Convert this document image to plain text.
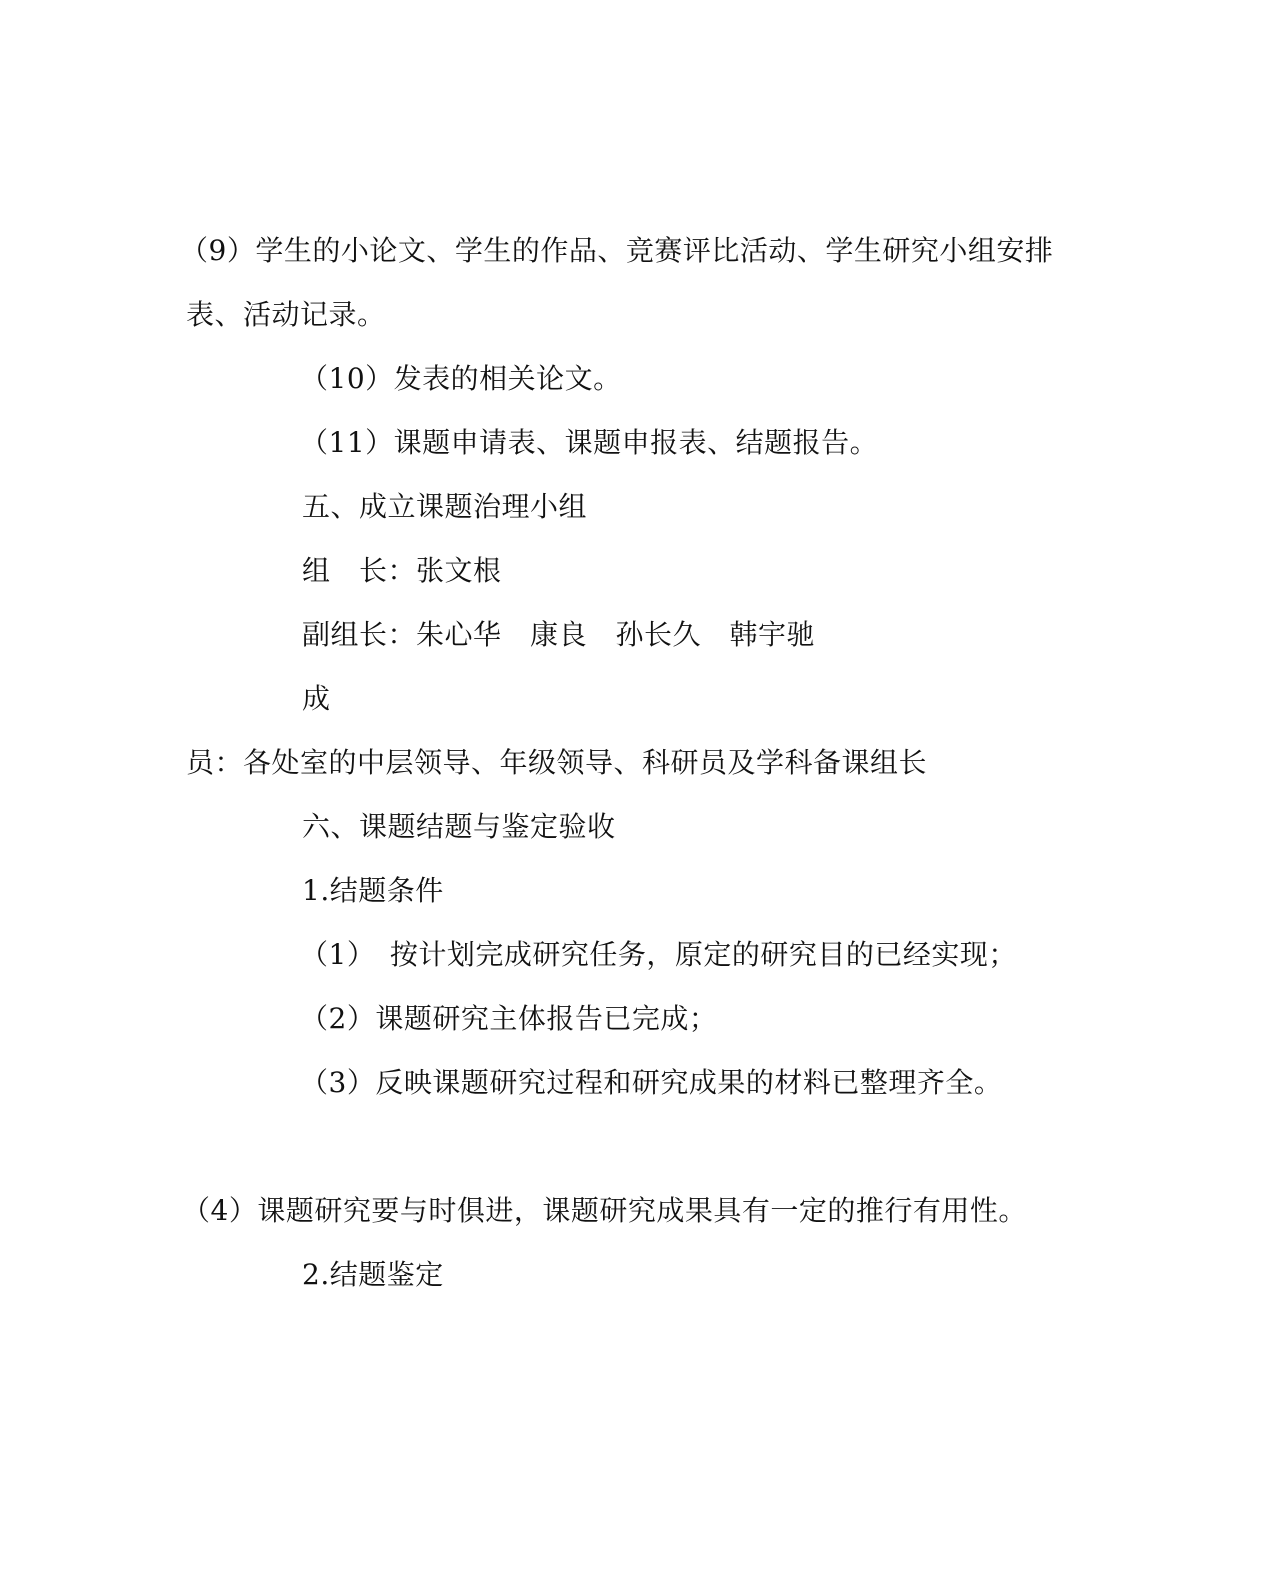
（9）学生的小论文、学生的作品、竞赛评比活动、学生研究小组安排
表、活动记录。
（10）发表的相关论文。
（11）课题申请表、课题申报表、结题报告。
五、成立课题治理小组
组　长：张文根
副组长：朱心华　康良　孙长久　韩宇驰
成
员：各处室的中层领导、年级领导、科研员及学科备课组长
六、课题结题与鉴定验收
1.结题条件
（1）　按计划完成研究任务，原定的研究目的已经实现；
（2）课题研究主体报告已完成；
（3）反映课题研究过程和研究成果的材料已整理齐全。
（4）课题研究要与时俱进，课题研究成果具有一定的推行有用性。
2.结题鉴定
